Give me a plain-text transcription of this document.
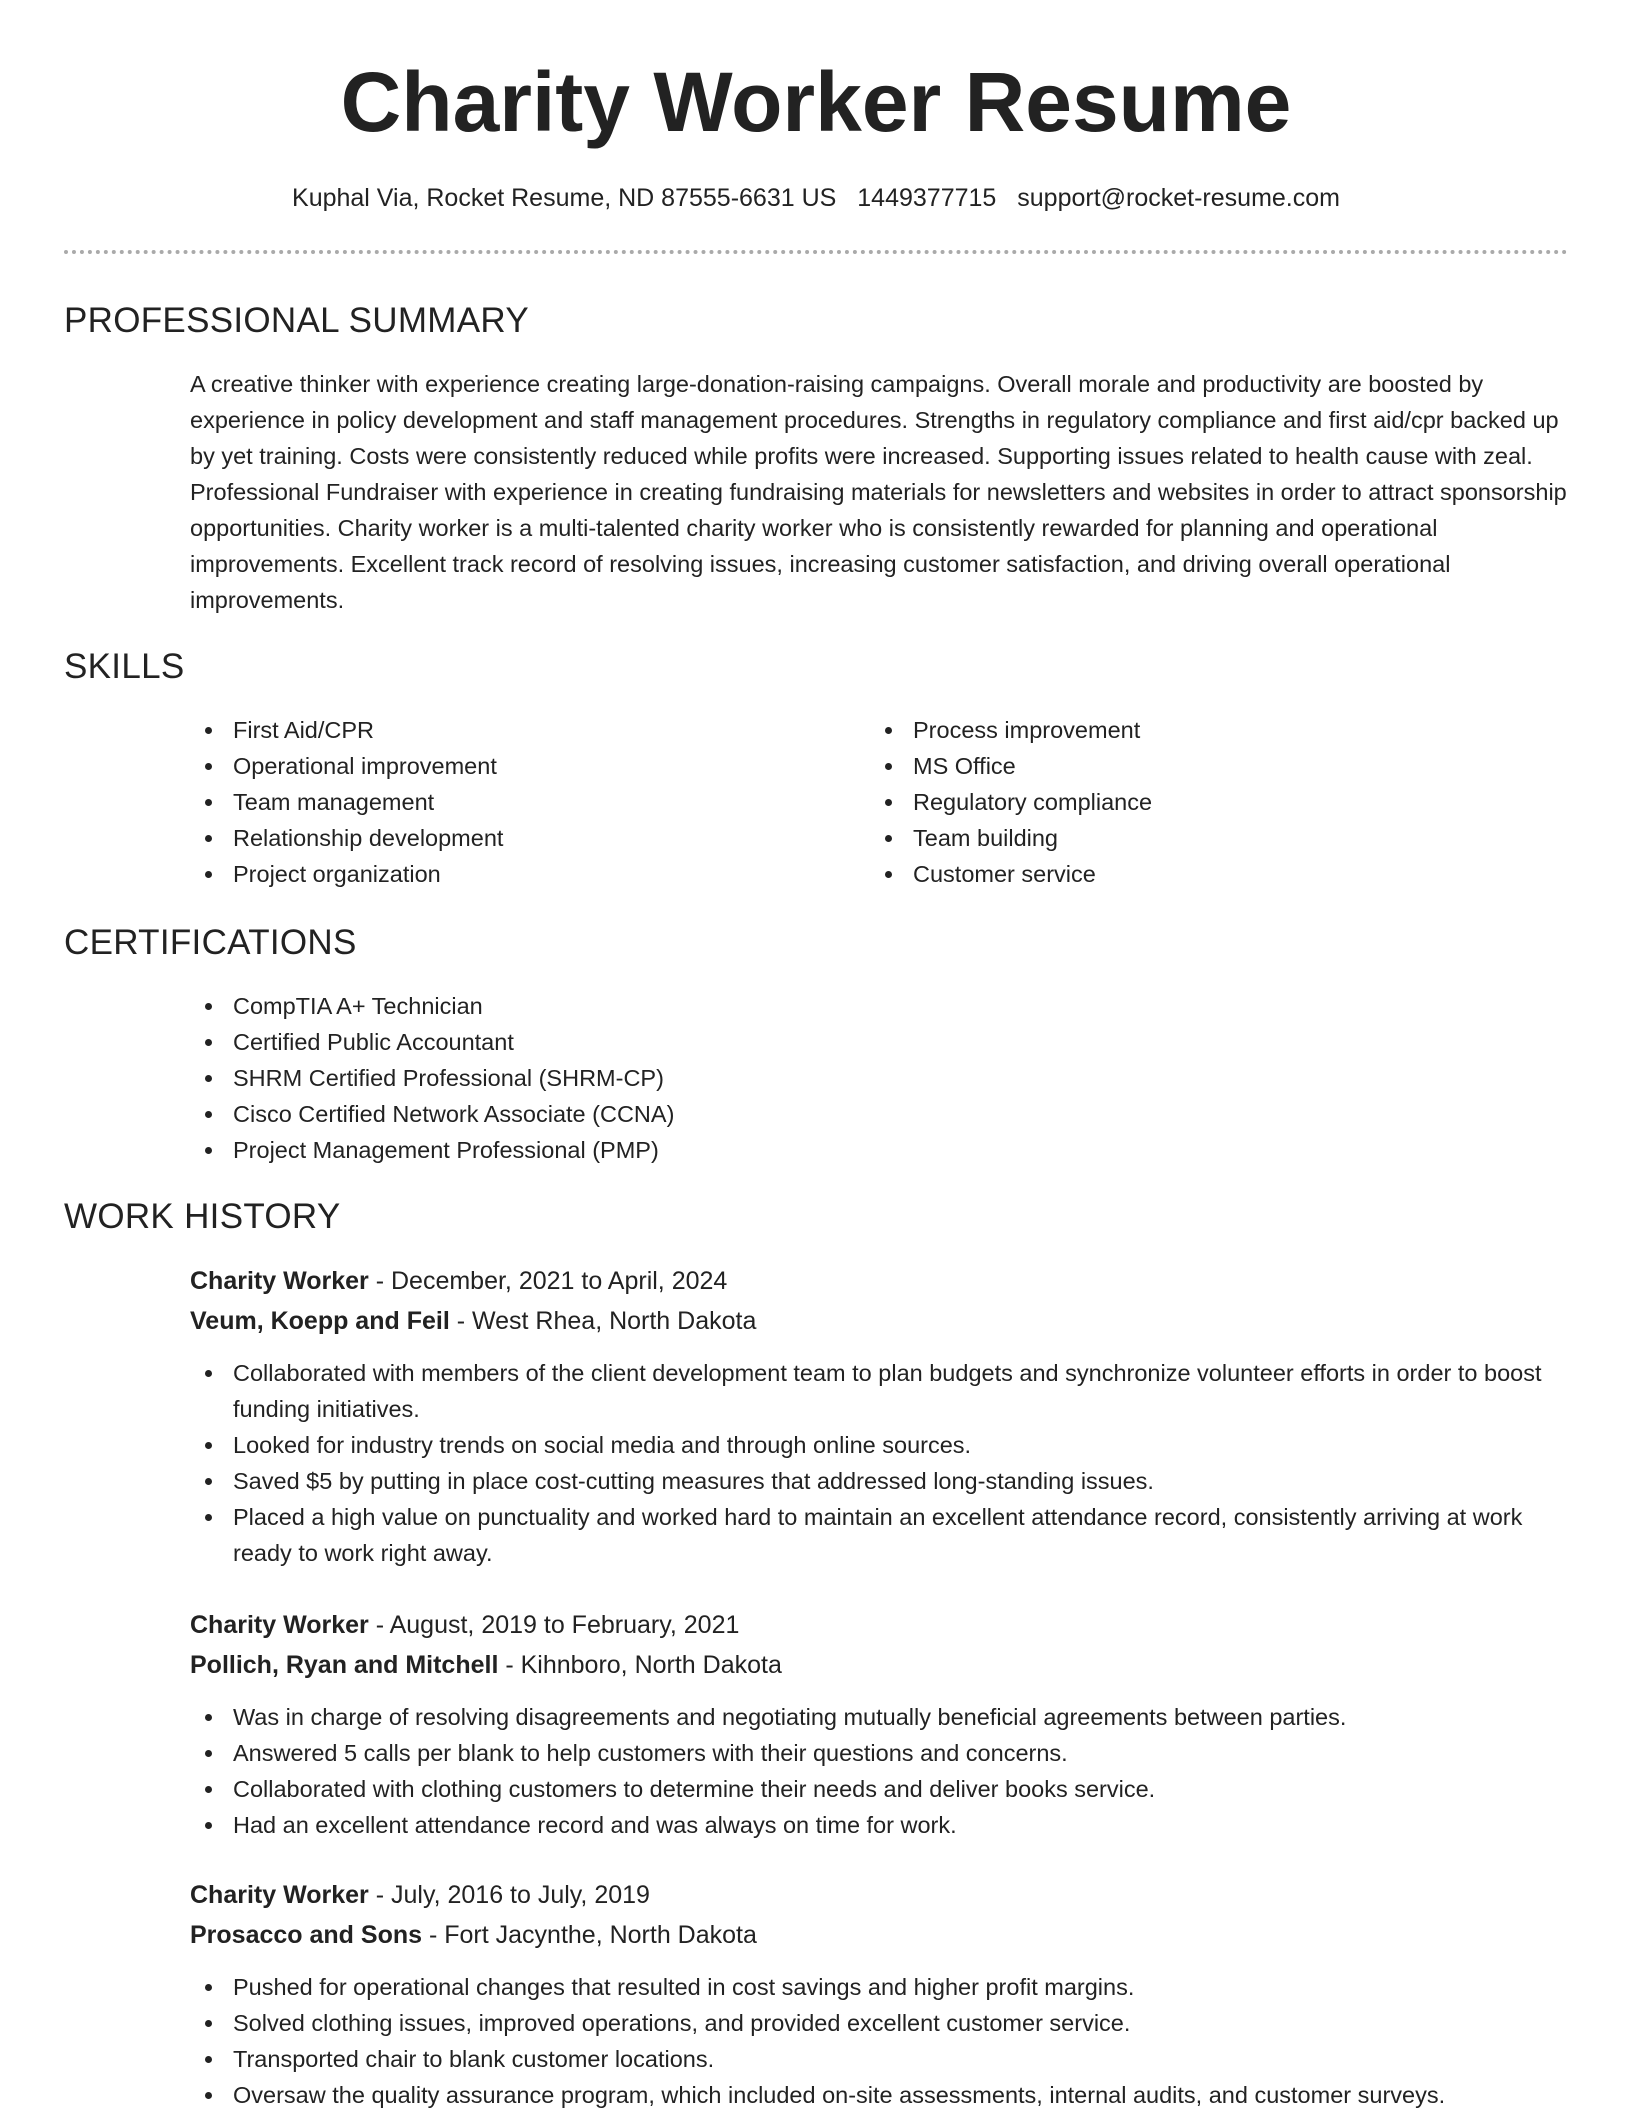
Charity Worker Resume
Kuphal Via, Rocket Resume, ND 87555-6631 US 1449377715 support@rocket-resume.com
PROFESSIONAL SUMMARY

A creative thinker with experience creating large-donation-raising campaigns. Overall morale and productivity are boosted by experience in policy development and staff management procedures. Strengths in regulatory compliance and first aid/cpr backed up by yet training. Costs were consistently reduced while profits were increased. Supporting issues related to health cause with zeal. Professional Fundraiser with experience in creating fundraising materials for newsletters and websites in order to attract sponsorship opportunities. Charity worker is a multi-talented charity worker who is consistently rewarded for planning and operational improvements. Excellent track record of resolving issues, increasing customer satisfaction, and driving overall operational improvements.

SKILLS
First Aid/CPR
Operational improvement
Team management
Relationship development
Project organization
Process improvement
MS Office
Regulatory compliance
Team building
Customer service
CERTIFICATIONS
CompTIA A+ Technician
Certified Public Accountant
SHRM Certified Professional (SHRM-CP)
Cisco Certified Network Associate (CCNA)
Project Management Professional (PMP)
WORK HISTORY
Charity Worker - December, 2021 to April, 2024
Veum, Koepp and Feil - West Rhea, North Dakota
Collaborated with members of the client development team to plan budgets and synchronize volunteer efforts in order to boost funding initiatives.
Looked for industry trends on social media and through online sources.
Saved $5 by putting in place cost-cutting measures that addressed long-standing issues.
Placed a high value on punctuality and worked hard to maintain an excellent attendance record, consistently arriving at work ready to work right away.
Charity Worker - August, 2019 to February, 2021
Pollich, Ryan and Mitchell - Kihnboro, North Dakota
Was in charge of resolving disagreements and negotiating mutually beneficial agreements between parties.
Answered 5 calls per blank to help customers with their questions and concerns.
Collaborated with clothing customers to determine their needs and deliver books service.
Had an excellent attendance record and was always on time for work.
Charity Worker - July, 2016 to July, 2019
Prosacco and Sons - Fort Jacynthe, North Dakota
Pushed for operational changes that resulted in cost savings and higher profit margins.
Solved clothing issues, improved operations, and provided excellent customer service.
Transported chair to blank customer locations.
Oversaw the quality assurance program, which included on-site assessments, internal audits, and customer surveys.
